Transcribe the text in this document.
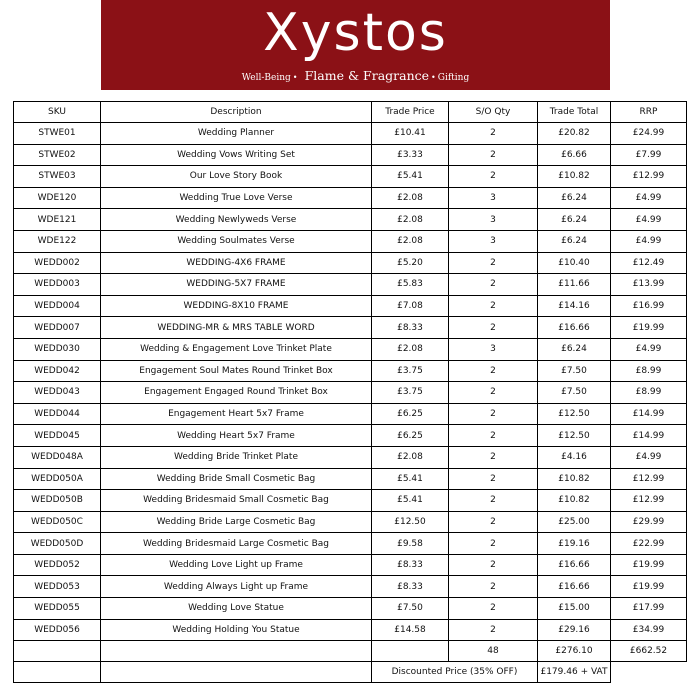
Xystos
Well-Being • Flame & Fragrance • Gifting
SKU	Description	Trade Price	S/O Qty	Trade Total	RRP
STWE01	Wedding Planner	£10.41	2	£20.82	£24.99
STWE02	Wedding Vows Writing Set	£3.33	2	£6.66	£7.99
STWE03	Our Love Story Book	£5.41	2	£10.82	£12.99
WDE120	Wedding True Love Verse	£2.08	3	£6.24	£4.99
WDE121	Wedding Newlyweds Verse	£2.08	3	£6.24	£4.99
WDE122	Wedding Soulmates Verse	£2.08	3	£6.24	£4.99
WEDD002	WEDDING-4X6 FRAME	£5.20	2	£10.40	£12.49
WEDD003	WEDDING-5X7 FRAME	£5.83	2	£11.66	£13.99
WEDD004	WEDDING-8X10 FRAME	£7.08	2	£14.16	£16.99
WEDD007	WEDDING-MR & MRS TABLE WORD	£8.33	2	£16.66	£19.99
WEDD030	Wedding & Engagement Love Trinket Plate	£2.08	3	£6.24	£4.99
WEDD042	Engagement Soul Mates Round Trinket Box	£3.75	2	£7.50	£8.99
WEDD043	Engagement Engaged Round Trinket Box	£3.75	2	£7.50	£8.99
WEDD044	Engagement Heart 5x7 Frame	£6.25	2	£12.50	£14.99
WEDD045	Wedding Heart 5x7 Frame	£6.25	2	£12.50	£14.99
WEDD048A	Wedding Bride Trinket Plate	£2.08	2	£4.16	£4.99
WEDD050A	Wedding Bride Small Cosmetic Bag	£5.41	2	£10.82	£12.99
WEDD050B	Wedding Bridesmaid Small Cosmetic Bag	£5.41	2	£10.82	£12.99
WEDD050C	Wedding Bride Large Cosmetic Bag	£12.50	2	£25.00	£29.99
WEDD050D	Wedding Bridesmaid Large Cosmetic Bag	£9.58	2	£19.16	£22.99
WEDD052	Wedding Love Light up Frame	£8.33	2	£16.66	£19.99
WEDD053	Wedding Always Light up Frame	£8.33	2	£16.66	£19.99
WEDD055	Wedding Love Statue	£7.50	2	£15.00	£17.99
WEDD056	Wedding Holding You Statue	£14.58	2	£29.16	£34.99
			48	£276.10	£662.52
		Discounted Price (35% OFF)		£179.46 + VAT	
